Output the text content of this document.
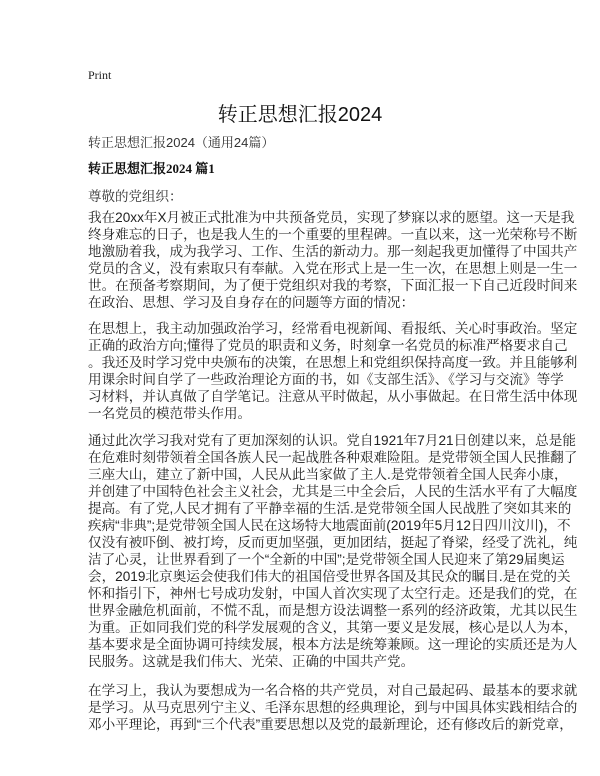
Print
转正思想汇报2024
转正思想汇报2024（通用24篇）
转正思想汇报2024 篇1
尊敬的党组织：
我在20xx年X月被正式批准为中共预备党员，实现了梦寐以求的愿望。这一天是我
终身难忘的日子，也是我人生的一个重要的里程碑。一直以来，这一光荣称号不断
地激励着我，成为我学习、工作、生活的新动力。那一刻起我更加懂得了中国共产
党员的含义，没有索取只有奉献。入党在形式上是一生一次，在思想上则是一生一
世。在预备考察期间，为了便于党组织对我的考察，下面汇报一下自己近段时间来
在政治、思想、学习及自身存在的问题等方面的情况：
在思想上，我主动加强政治学习，经常看电视新闻、看报纸、关心时事政治。坚定
正确的政治方向;懂得了党员的职责和义务，时刻拿一名党员的标准严格要求自己
。我还及时学习党中央颁布的决策，在思想上和党组织保持高度一致。并且能够利
用课余时间自学了一些政治理论方面的书，如《支部生活》、《学习与交流》等学
习材料，并认真做了自学笔记。注意从平时做起，从小事做起。在日常生活中体现
一名党员的模范带头作用。
通过此次学习我对党有了更加深刻的认识。党自1921年7月21日创建以来，总是能
在危难时刻带领着全国各族人民一起战胜各种艰难险阻。是党带领全国人民推翻了
三座大山，建立了新中国，人民从此当家做了主人.是党带领着全国人民奔小康，
并创建了中国特色社会主义社会，尤其是三中全会后，人民的生活水平有了大幅度
提高。有了党,人民才拥有了平静幸福的生活.是党带领全国人民战胜了突如其来的
疾病“非典”;是党带领全国人民在这场特大地震面前(2019年5月12日四川汶川)，不
仅没有被吓倒、被打垮，反而更加坚强，更加团结，挺起了脊梁，经受了洗礼，纯
洁了心灵，让世界看到了一个“全新的中国”;是党带领全国人民迎来了第29届奥运
会，2019北京奥运会使我们伟大的祖国倍受世界各国及其民众的瞩目.是在党的关
怀和指引下，神州七号成功发射，中国人首次实现了太空行走。还是我们的党，在
世界金融危机面前，不慌不乱，而是想方设法调整一系列的经济政策，尤其以民生
为重。正如同我们党的科学发展观的含义，其第一要义是发展，核心是以人为本，
基本要求是全面协调可持续发展，根本方法是统筹兼顾。这一理论的实质还是为人
民服务。这就是我们伟大、光荣、正确的中国共产党。
在学习上，我认为要想成为一名合格的共产党员，对自己最起码、最基本的要求就
是学习。从马克思列宁主义、毛泽东思想的经典理论，到与中国具体实践相结合的
邓小平理论，再到“三个代表”重要思想以及党的最新理论，还有修改后的新党章，
